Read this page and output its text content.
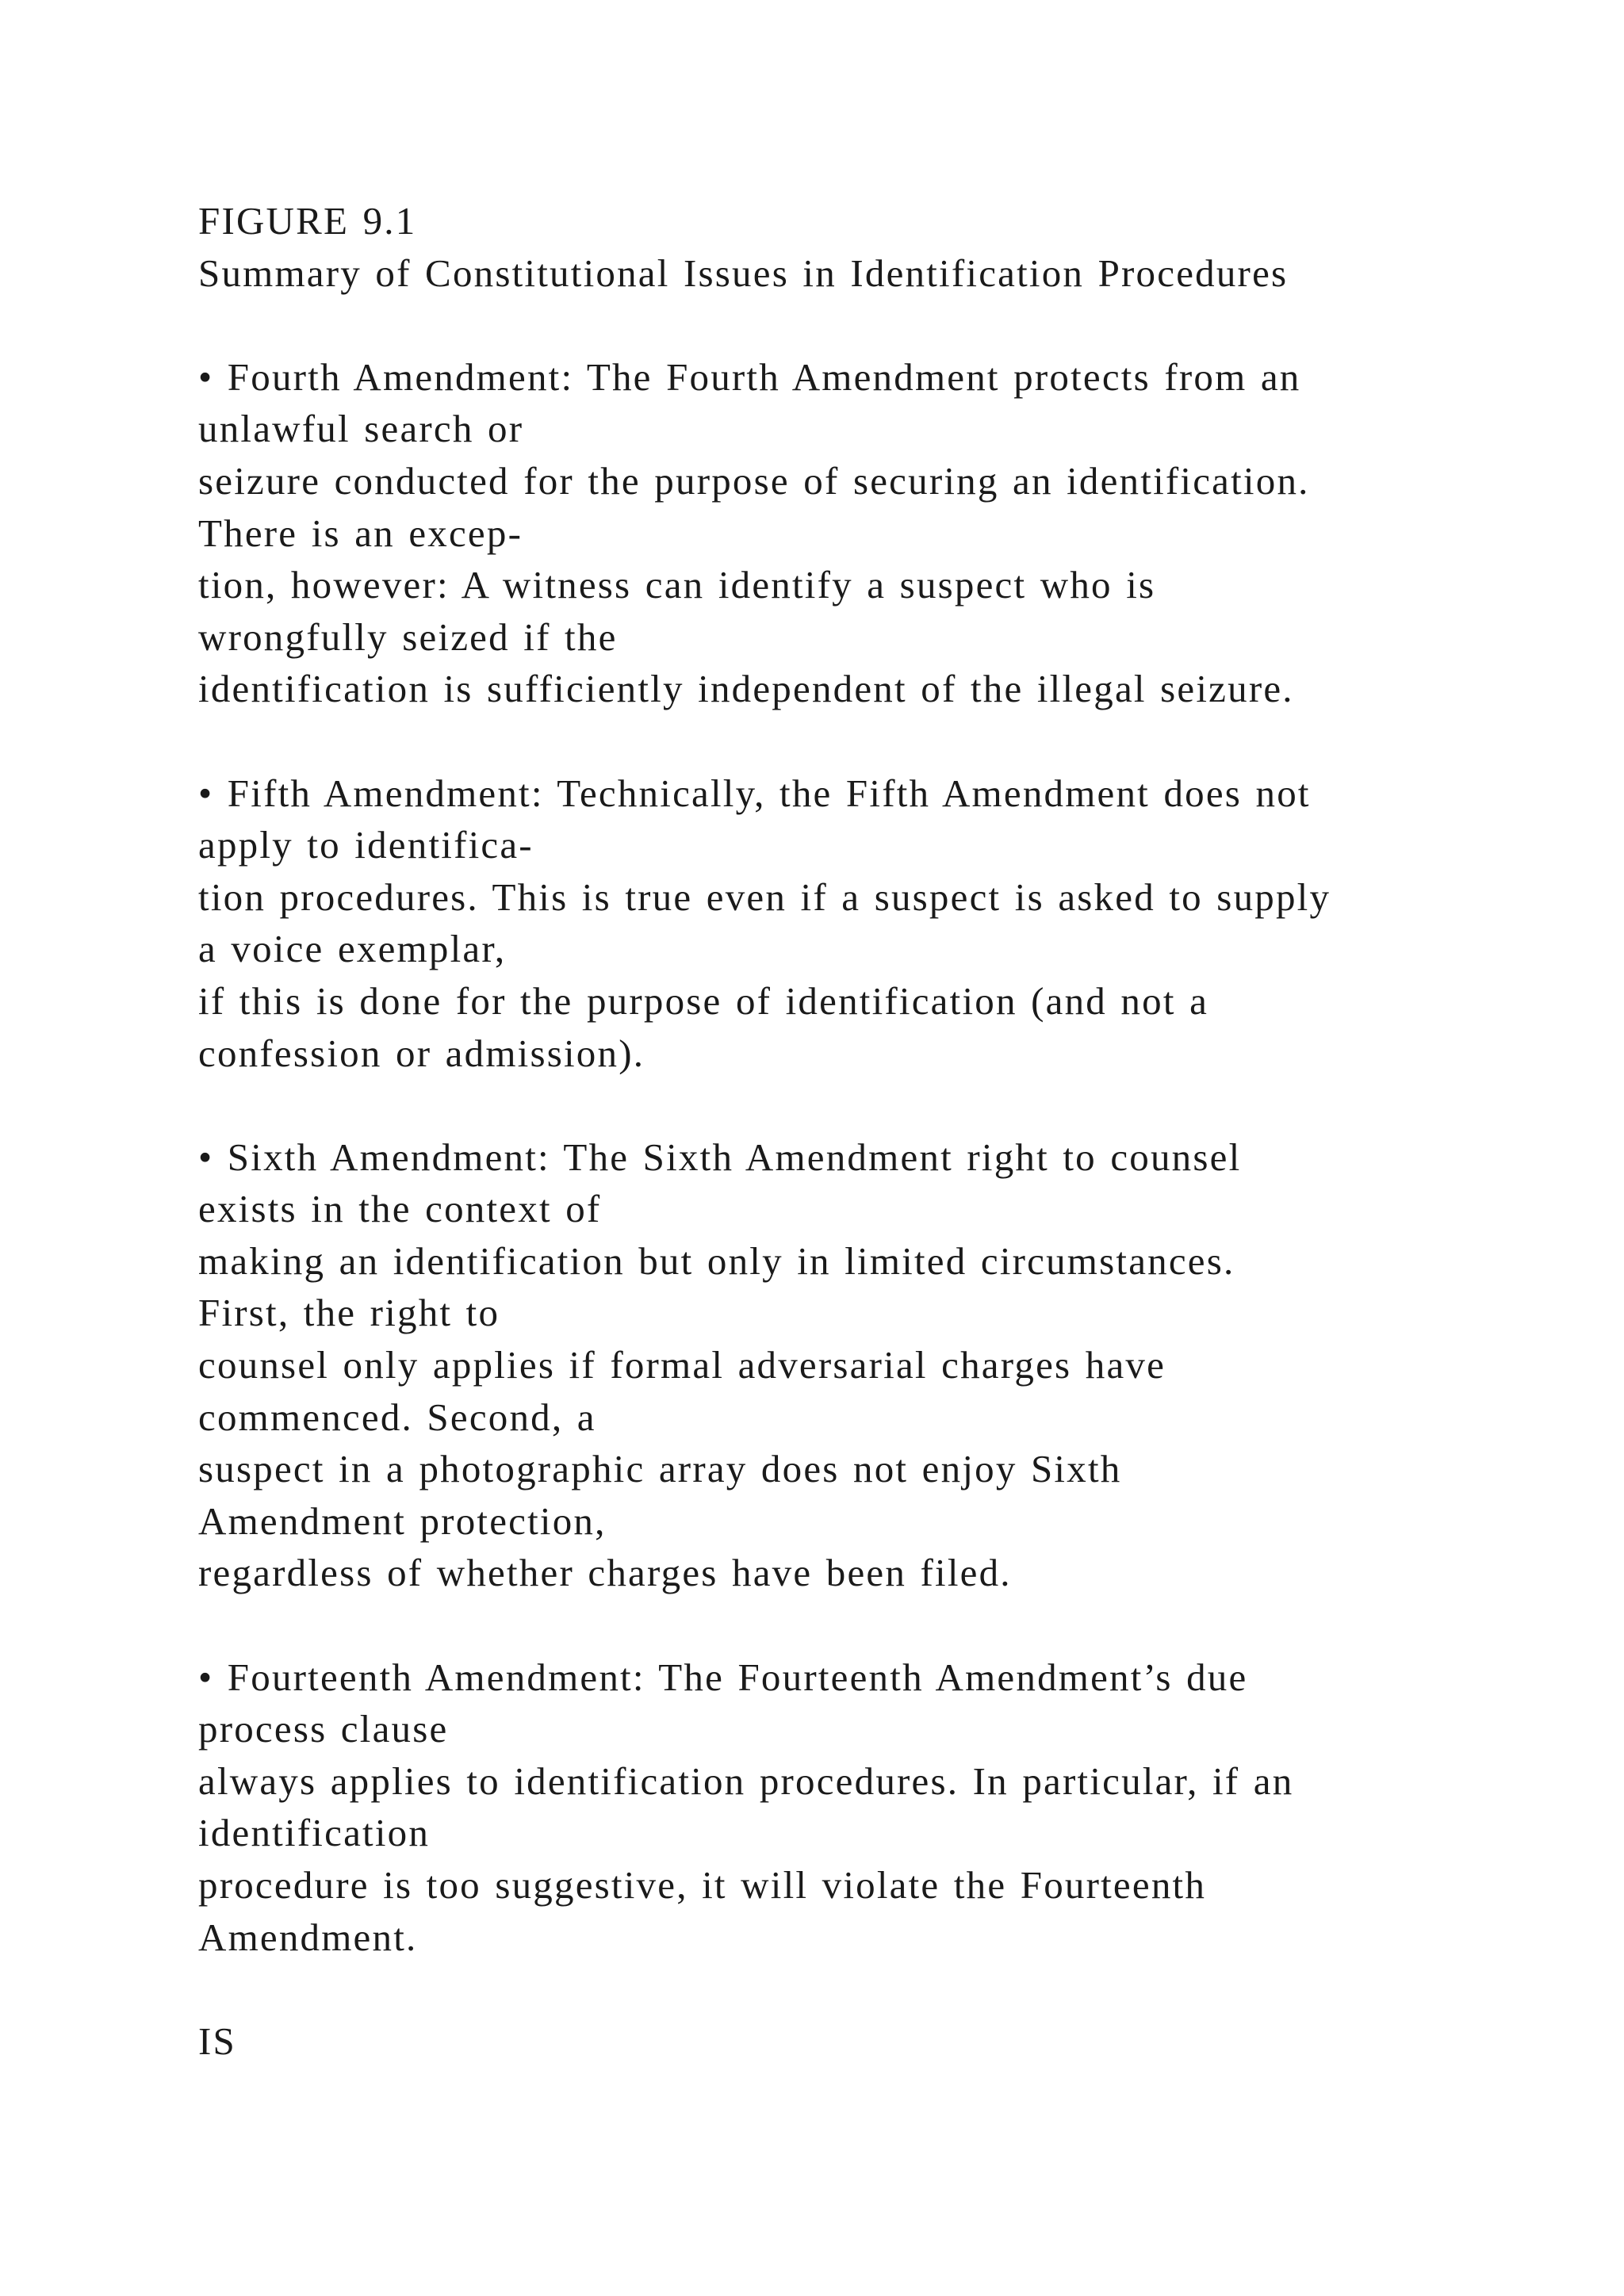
FIGURE 9.1
Summary of Constitutional Issues in Identification Procedures
• Fourth Amendment: The Fourth Amendment protects from an
unlawful search or
seizure conducted for the purpose of securing an identification.
There is an excep-
tion, however: A witness can identify a suspect who is
wrongfully seized if the
identification is sufficiently independent of the illegal seizure.
• Fifth Amendment: Technically, the Fifth Amendment does not
apply to identifica-
tion procedures. This is true even if a suspect is asked to supply
a voice exemplar,
if this is done for the purpose of identification (and not a
confession or admission).
• Sixth Amendment: The Sixth Amendment right to counsel
exists in the context of
making an identification but only in limited circumstances.
First, the right to
counsel only applies if formal adversarial charges have
commenced. Second, a
suspect in a photographic array does not enjoy Sixth
Amendment protection,
regardless of whether charges have been filed.
• Fourteenth Amendment: The Fourteenth Amendment’s due
process clause
always applies to identification procedures. In particular, if an
identification
procedure is too suggestive, it will violate the Fourteenth
Amendment.
IS
